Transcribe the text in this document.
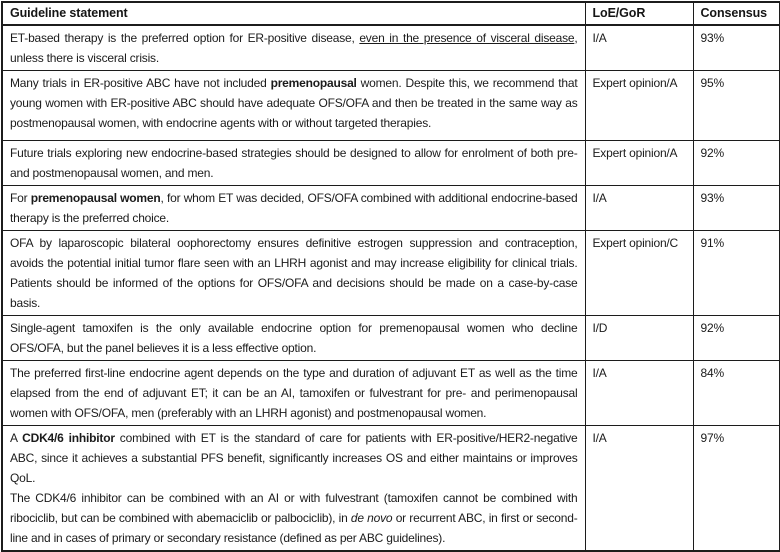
Guideline statement	LoE/GoR	Consensus

ET-based therapy is the preferred option for ER-positive disease, even in the presence of visceral disease, unless there is visceral crisis.	I/A	93%

Many trials in ER-positive ABC have not included premenopausal women. Despite this, we recommend that young women with ER-positive ABC should have adequate OFS/OFA and then be treated in the same way as postmenopausal women, with endocrine agents with or without targeted therapies.	Expert opinion/A	95%

Future trials exploring new endocrine-based strategies should be designed to allow for enrolment of both pre- and postmenopausal women, and men.	Expert opinion/A	92%

For premenopausal women, for whom ET was decided, OFS/OFA combined with additional endocrine-based therapy is the preferred choice.	I/A	93%

OFA by laparoscopic bilateral oophorectomy ensures definitive estrogen suppression and contraception, avoids the potential initial tumor flare seen with an LHRH agonist and may increase eligibility for clinical trials. Patients should be informed of the options for OFS/OFA and decisions should be made on a case-by-case basis.	Expert opinion/C	91%

Single-agent tamoxifen is the only available endocrine option for premenopausal women who decline OFS/OFA, but the panel believes it is a less effective option.	I/D	92%

The preferred first-line endocrine agent depends on the type and duration of adjuvant ET as well as the time elapsed from the end of adjuvant ET; it can be an AI, tamoxifen or fulvestrant for pre- and perimenopausal women with OFS/OFA, men (preferably with an LHRH agonist) and postmenopausal women.	I/A	84%

A CDK4/6 inhibitor combined with ET is the standard of care for patients with ER-positive/HER2-negative ABC, since it achieves a substantial PFS benefit, significantly increases OS and either maintains or improves QoL.

The CDK4/6 inhibitor can be combined with an AI or with fulvestrant (tamoxifen cannot be combined with ribociclib, but can be combined with abemaciclib or palbociclib), in de novo or recurrent ABC, in first or second-line and in cases of primary or secondary resistance (defined as per ABC guidelines).	I/A	97%
